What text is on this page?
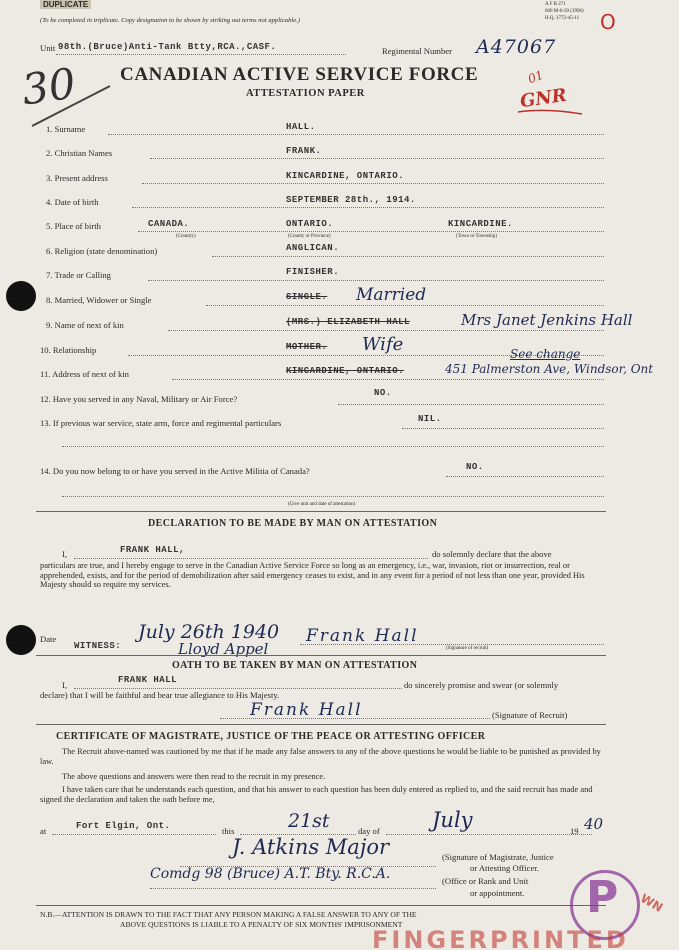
DUPLICATE
(To be completed in triplicate. Copy designation to be shown by striking out terms not applicable.)
A F B 271
600 M-6-39 (3996)
H.Q. 1772-45-11 O
Unit 98th.(Bruce)Anti-Tank Btty,RCA.,CASF.	Regimental Number A47067
CANADIAN ACTIVE SERVICE FORCE
ATTESTATION PAPER
30	01
GNR
1. Surname	HALL.
2. Christian Names	FRANK.
3. Present address	KINCARDINE, ONTARIO.
4. Date of birth	SEPTEMBER 28th., 1914.
5. Place of birth	CANADA.	ONTARIO.	KINCARDINE.
(Country)	(County or Province)	(Town or Township)
6. Religion (state denomination)	ANGLICAN.
7. Trade or Calling	FINISHER.
8. Married, Widower or Single	SINGLE. Married
9. Name of next of kin	(MRS.) ELIZABETH HALL	Mrs Janet Jenkins Hall
10. Relationship	MOTHER. Wife
11. Address of next of kin	KINCARDINE, ONTARIO.
See change
451 Palmerston Ave, Windsor, Ont
12. Have you served in any Naval, Military or Air Force?
NO.
13. If previous war service, state arm, force and regimental particulars	NIL.
14. Do you now belong to or have you served in the Active Militia of Canada?	NO.
(Give unit and date of attestation)
DECLARATION TO BE MADE BY MAN ON ATTESTATION
I,	FRANK HALL,	do solemnly declare that the above
particulars are true, and I hereby engage to serve in the Canadian Active Service Force so long as an emergency, i.e., war, invasion, riot or insurrection, real or apprehended, exists, and for the period of demobilization after said emergency ceases to exist, and in any event for a period of not less than one year, provided His Majesty should so require my services.
Date
WITNESS:
July 26th 1940
Lloyd Appel
Frank Hall
(Signature of recruit)
OATH TO BE TAKEN BY MAN ON ATTESTATION
I,	FRANK HALL	do sincerely promise and swear (or solemnly
declare) that I will be faithful and bear true allegiance to His Majesty.
Frank Hall	(Signature of Recruit)
CERTIFICATE OF MAGISTRATE, JUSTICE OF THE PEACE OR ATTESTING OFFICER
The Recruit above-named was cautioned by me that if he made any false answers to any of the above questions he would be liable to be punished as provided by law.
The above questions and answers were then read to the recruit in my presence.
I have taken care that he understands each question, and that his answer to each question has been duly entered as replied to, and the said recruit has made and signed the declaration and taken the oath before me,
at	Fort Elgin, Ont.	this	21st	day of July	19 40
J. Atkins Major	(Signature of Magistrate, Justice
or Attesting Officer.
Comdg 98 (Bruce) A.T. Bty. R.C.A.	(Office or Rank and Unit
or appointment.
N.B.—ATTENTION IS DRAWN TO THE FACT THAT ANY PERSON MAKING A FALSE ANSWER TO ANY OF THE
ABOVE QUESTIONS IS LIABLE TO A PENALTY OF SIX MONTHS' IMPRISONMENT
P WN
FINGERPRINTED
